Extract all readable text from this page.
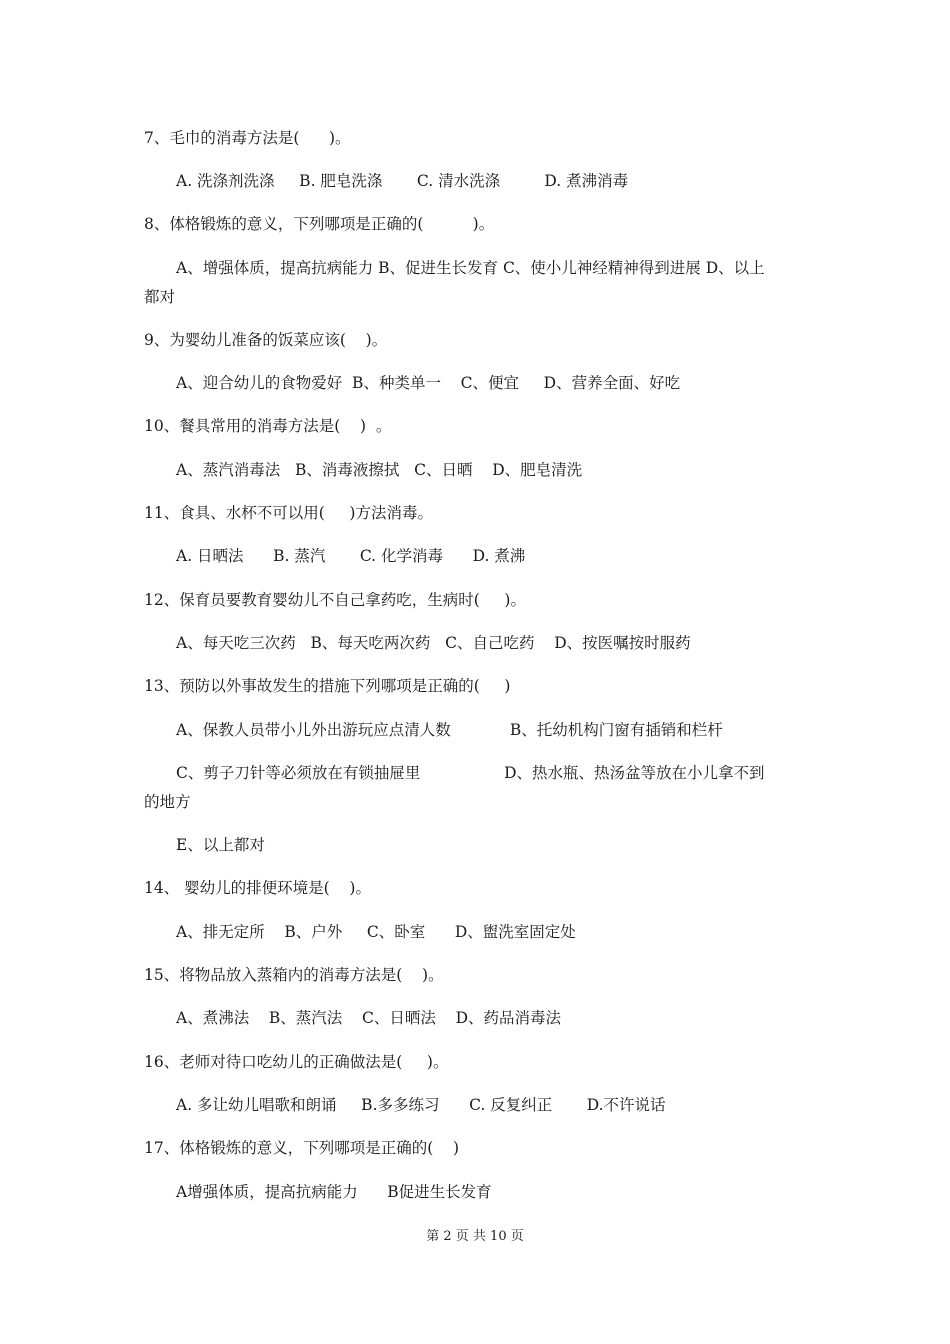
7、毛巾的消毒方法是(      )。
A. 洗涤剂洗涤     B. 肥皂洗涤       C. 清水洗涤         D. 煮沸消毒
8、体格锻炼的意义，下列哪项是正确的(          )。
A、增强体质，提高抗病能力 B、促进生长发育 C、使小儿神经精神得到进展 D、以上
都对
9、为婴幼儿准备的饭菜应该(    )。
A、迎合幼儿的食物爱好  B、种类单一    C、便宜     D、营养全面、好吃
10、餐具常用的消毒方法是(    )  。
A、蒸汽消毒法   B、消毒液擦拭   C、日晒    D、肥皂清洗
11、食具、水杯不可以用(     )方法消毒。
A. 日晒法      B. 蒸汽       C. 化学消毒      D. 煮沸
12、保育员要教育婴幼儿不自己拿药吃，生病时(     )。
A、每天吃三次药   B、每天吃两次药   C、自己吃药    D、按医嘱按时服药
13、预防以外事故发生的措施下列哪项是正确的(     )
A、保教人员带小儿外出游玩应点清人数            B、托幼机构门窗有插销和栏杆
C、剪子刀针等必须放在有锁抽屉里                 D、热水瓶、热汤盆等放在小儿拿不到
的地方
E、以上都对
14、 婴幼儿的排便环境是(    )。
A、排无定所    B、户外     C、卧室      D、盥洗室固定处
15、将物品放入蒸箱内的消毒方法是(    )。
A、煮沸法    B、蒸汽法    C、日晒法    D、药品消毒法
16、老师对待口吃幼儿的正确做法是(     )。
A. 多让幼儿唱歌和朗诵     B.多多练习      C. 反复纠正       D.不许说话
17、体格锻炼的意义，下列哪项是正确的(    )
A增强体质，提高抗病能力      B促进生长发育
第 2 页 共 10 页
